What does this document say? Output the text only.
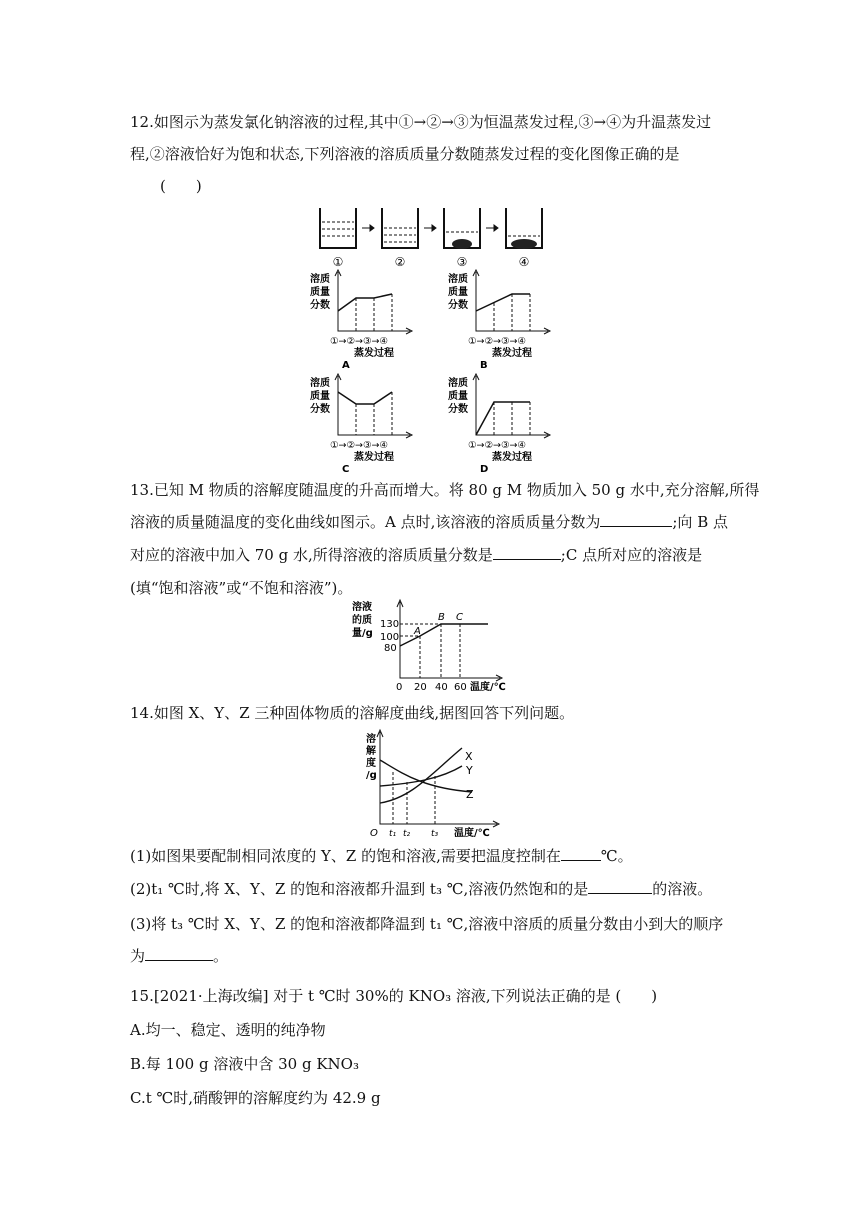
12.如图示为蒸发氯化钠溶液的过程,其中①→②→③为恒温蒸发过程,③→④为升温蒸发过
程,②溶液恰好为饱和状态,下列溶液的溶质质量分数随蒸发过程的变化图像正确的是
(　　)
①	②	③	④
溶质
质量
分数
①→②→③→④
蒸发过程
A
溶质
质量
分数
①→②→③→④
蒸发过程
B
溶质
质量
分数
①→②→③→④
蒸发过程
C
溶质
质量
分数
①→②→③→④
蒸发过程
D
13.已知 M 物质的溶解度随温度的升高而增大。将 80 g M 物质加入 50 g 水中,充分溶解,所得
溶液的质量随温度的变化曲线如图示。A 点时,该溶液的溶质质量分数为	;向 B 点
对应的溶液中加入 70 g 水,所得溶液的溶质质量分数是	;C 点所对应的溶液是
(填“饱和溶液”或“不饱和溶液”)。
溶液
的质
量/g
130
100
80
A
B C
0 20 40 60 温度/℃
14.如图 X、Y、Z 三种固体物质的溶解度曲线,据图回答下列问题。
溶
解
度
/g
X
Y
Z
O t₁ t₂ t₃ 温度/℃
(1)如图果要配制相同浓度的 Y、Z 的饱和溶液,需要把温度控制在	℃。
(2)t₁ ℃时,将 X、Y、Z 的饱和溶液都升温到 t₃ ℃,溶液仍然饱和的是	的溶液。
(3)将 t₃ ℃时 X、Y、Z 的饱和溶液都降温到 t₁ ℃,溶液中溶质的质量分数由小到大的顺序
为	。
15.[2021·上海改编] 对于 t ℃时 30%的 KNO₃ 溶液,下列说法正确的是 (　　)
A.均一、稳定、透明的纯净物
B.每 100 g 溶液中含 30 g KNO₃
C.t ℃时,硝酸钾的溶解度约为 42.9 g
